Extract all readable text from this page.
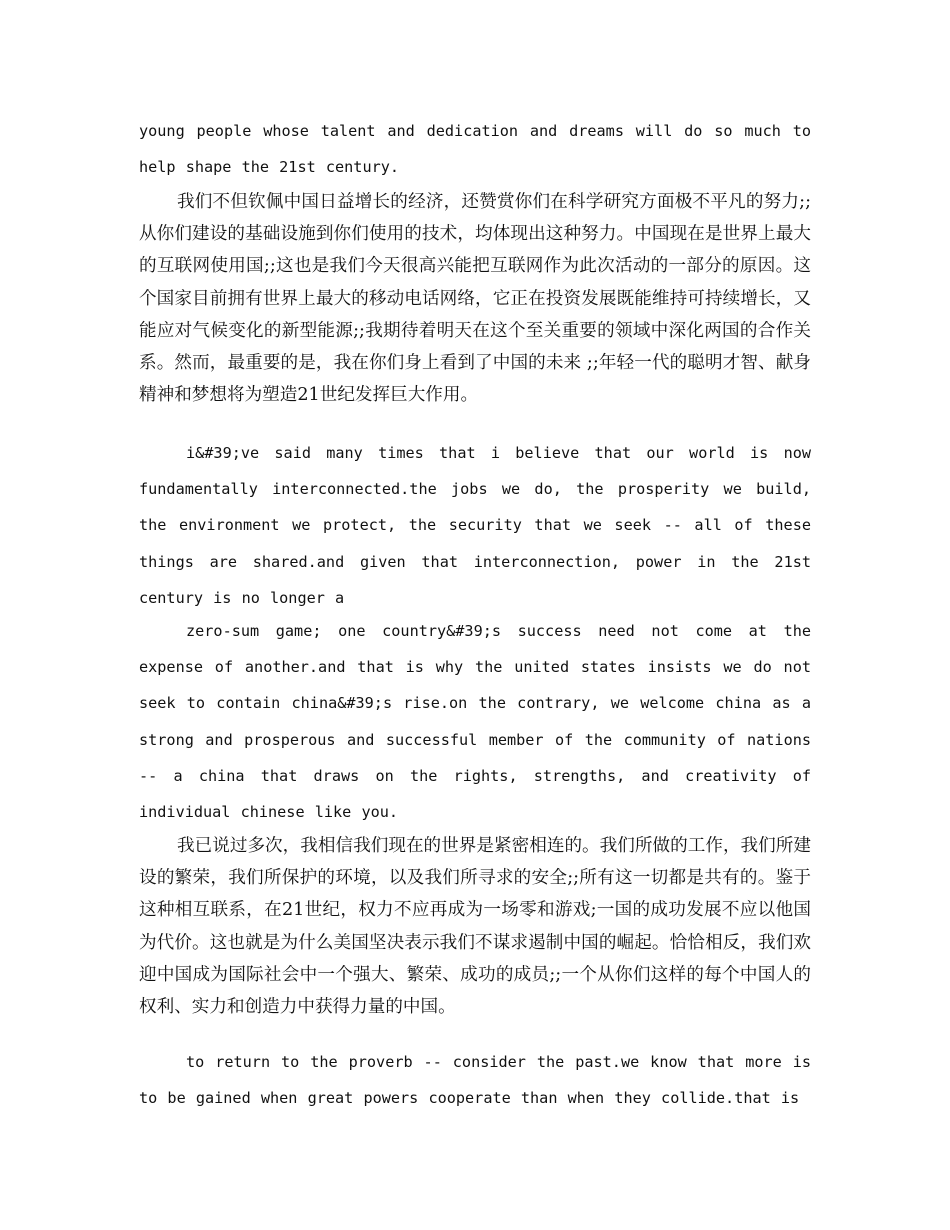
young people whose talent and dedication and dreams will do so much to help shape the 21st century.

我们不但钦佩中国日益增长的经济，还赞赏你们在科学研究方面极不平凡的努力;;从你们建设的基础设施到你们使用的技术，均体现出这种努力。中国现在是世界上最大的互联网使用国;;这也是我们今天很高兴能把互联网作为此次活动的一部分的原因。这个国家目前拥有世界上最大的移动电话网络，它正在投资发展既能维持可持续增长，又能应对气候变化的新型能源;;我期待着明天在这个至关重要的领域中深化两国的合作关系。然而，最重要的是，我在你们身上看到了中国的未来 ;;年轻一代的聪明才智、献身精神和梦想将为塑造21世纪发挥巨大作用。

i&#39;ve said many times that i believe that our world is now fundamentally interconnected.the jobs we do, the prosperity we build, the environment we protect, the security that we seek -- all of these things are shared.and given that interconnection, power in the 21st century is no longer a

zero-sum game; one country&#39;s success need not come at the expense of another.and that is why the united states insists we do not seek to contain china&#39;s rise.on the contrary, we welcome china as a strong and prosperous and successful member of the community of nations -- a china that draws on the rights, strengths, and creativity of individual chinese like you.

我已说过多次，我相信我们现在的世界是紧密相连的。我们所做的工作，我们所建设的繁荣，我们所保护的环境，以及我们所寻求的安全;;所有这一切都是共有的。鉴于这种相互联系，在21世纪，权力不应再成为一场零和游戏;一国的成功发展不应以他国为代价。这也就是为什么美国坚决表示我们不谋求遏制中国的崛起。恰恰相反，我们欢迎中国成为国际社会中一个强大、繁荣、成功的成员;;一个从你们这样的每个中国人的权利、实力和创造力中获得力量的中国。

to return to the proverb -- consider the past.we know that more is to be gained when great powers cooperate than when they collide.that is
